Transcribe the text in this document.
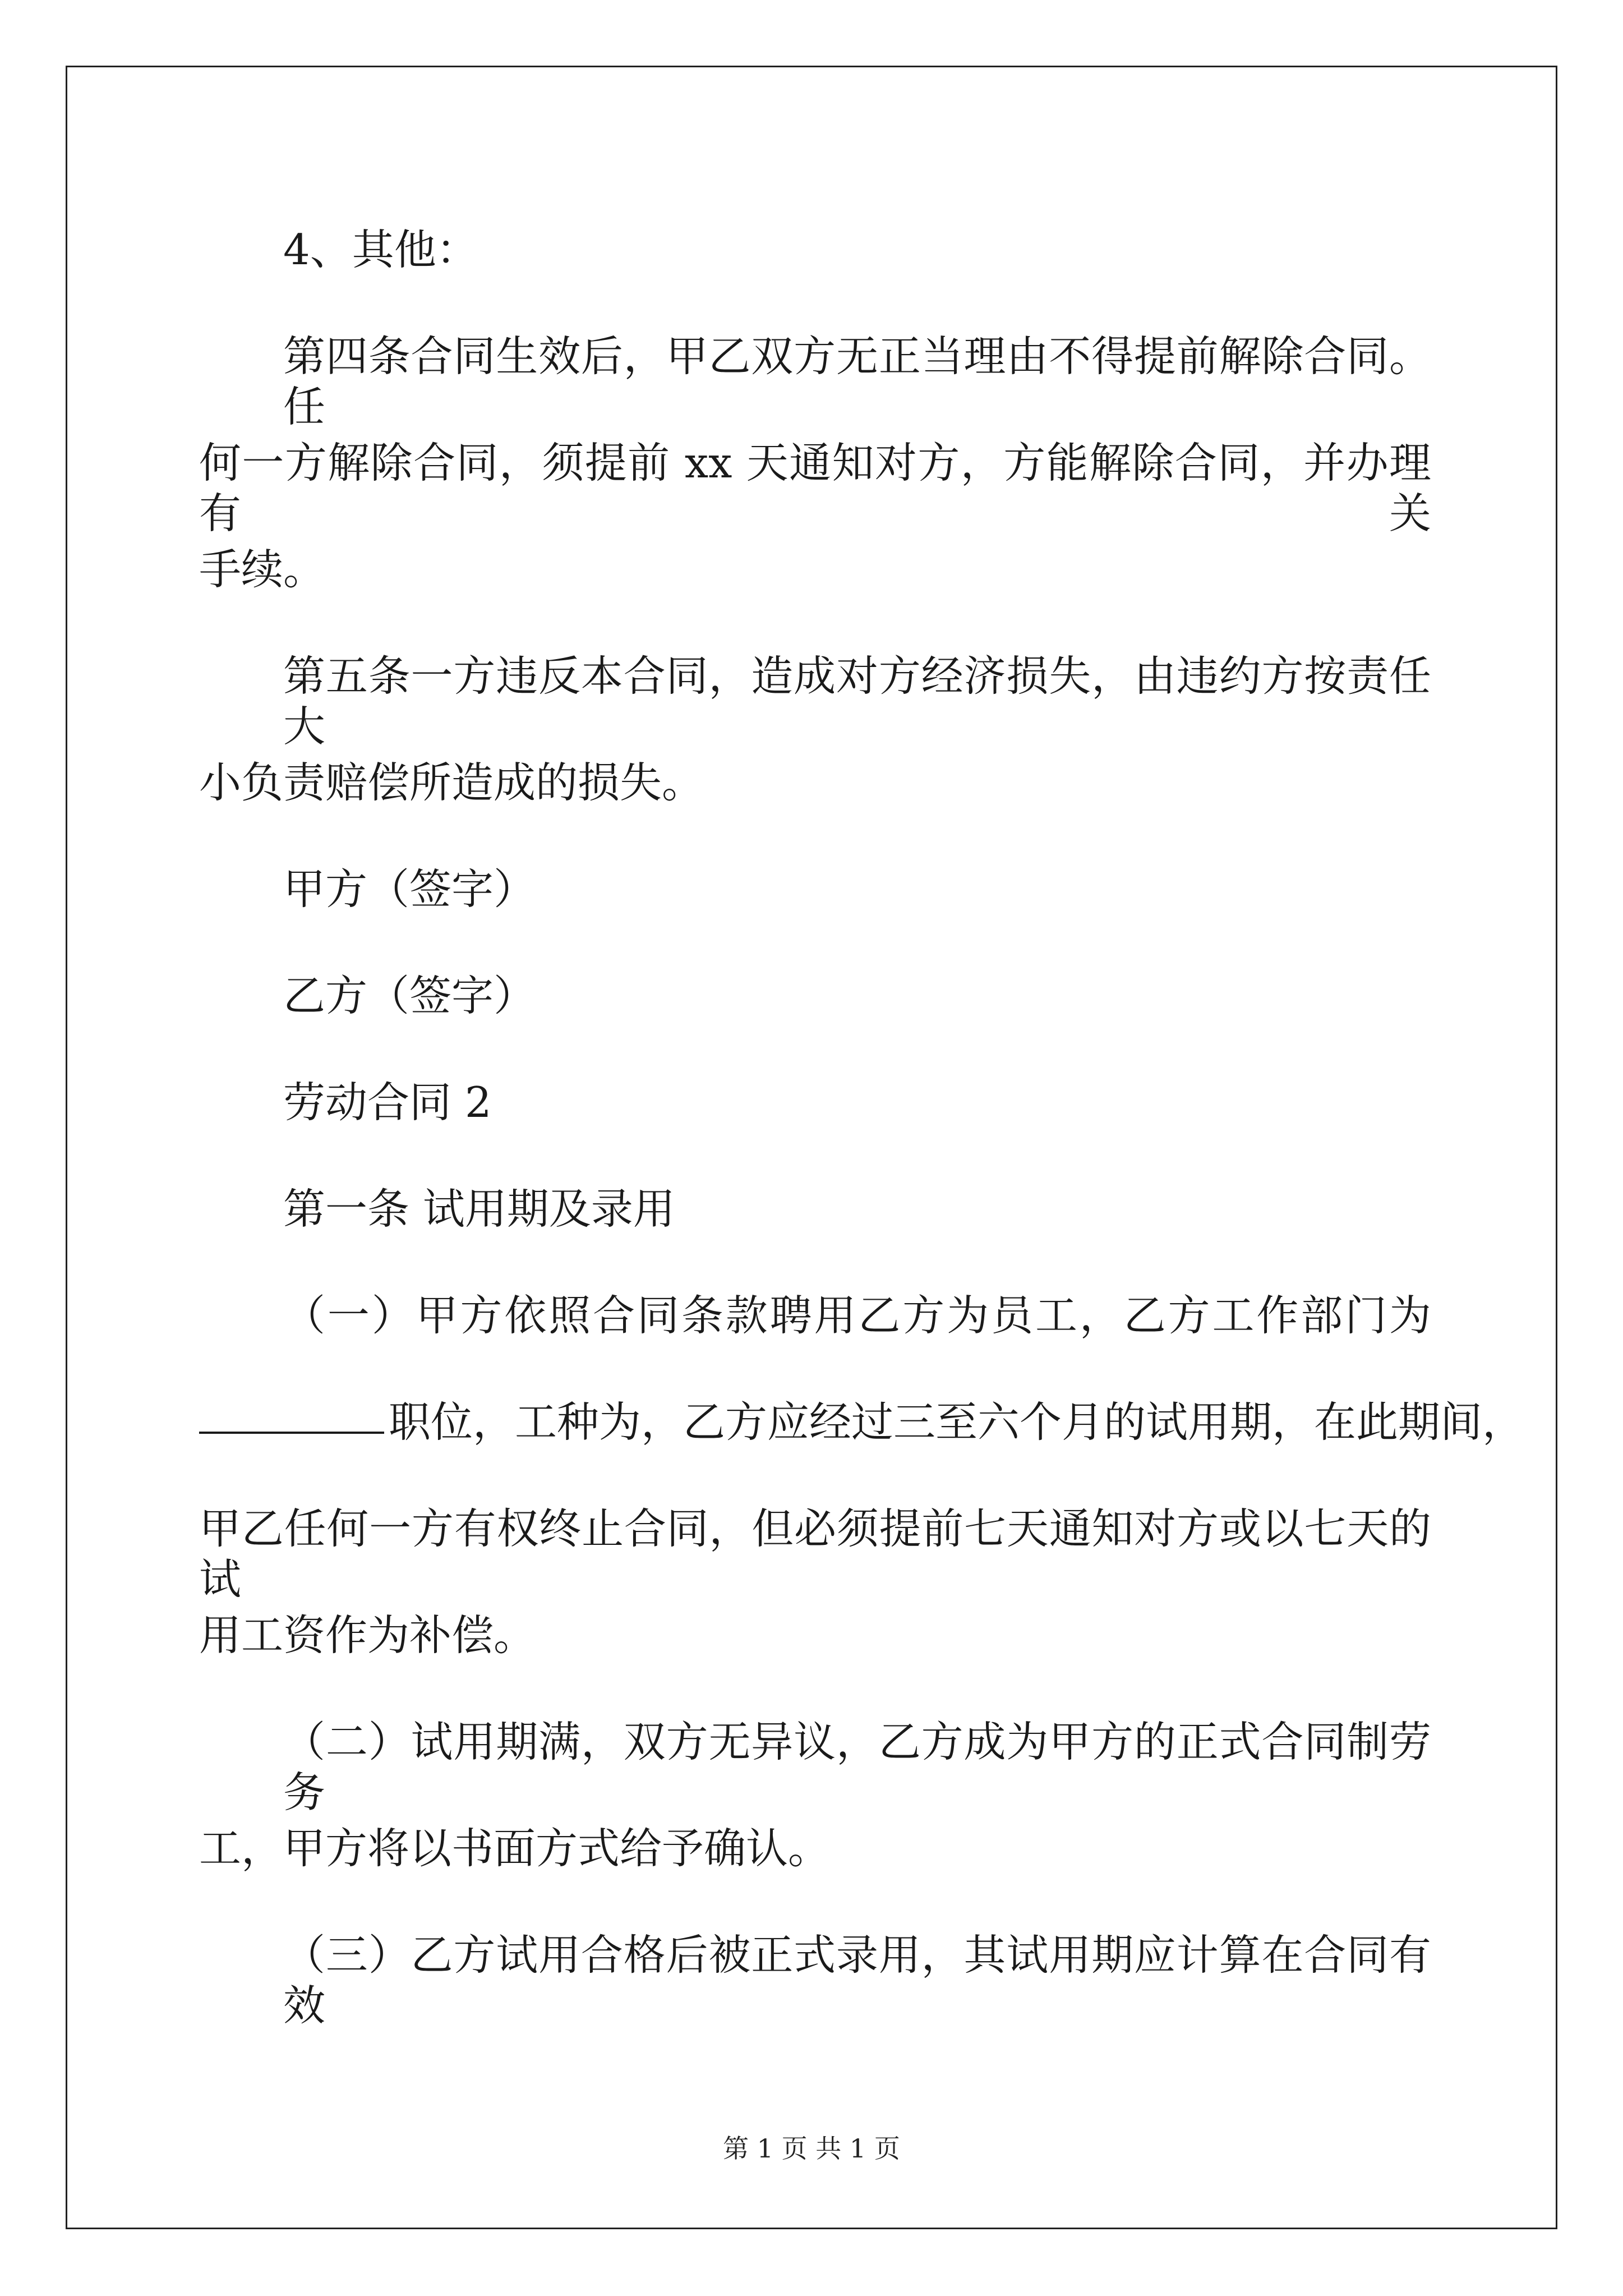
4、其他：
第四条合同生效后，甲乙双方无正当理由不得提前解除合同。任
何一方解除合同，须提前 xx 天通知对方，方能解除合同，并办理有关
手续。
第五条一方违反本合同，造成对方经济损失，由违约方按责任大
小负责赔偿所造成的损失。
甲方（签字）
乙方（签字）
劳动合同 2
第一条 试用期及录用
（一）甲方依照合同条款聘用乙方为员工，乙方工作部门为
职位，工种为，乙方应经过三至六个月的试用期，在此期间，
甲乙任何一方有权终止合同，但必须提前七天通知对方或以七天的试
用工资作为补偿。
（二）试用期满，双方无异议，乙方成为甲方的正式合同制劳务
工，甲方将以书面方式给予确认。
（三）乙方试用合格后被正式录用，其试用期应计算在合同有效
第 1 页 共 1 页
